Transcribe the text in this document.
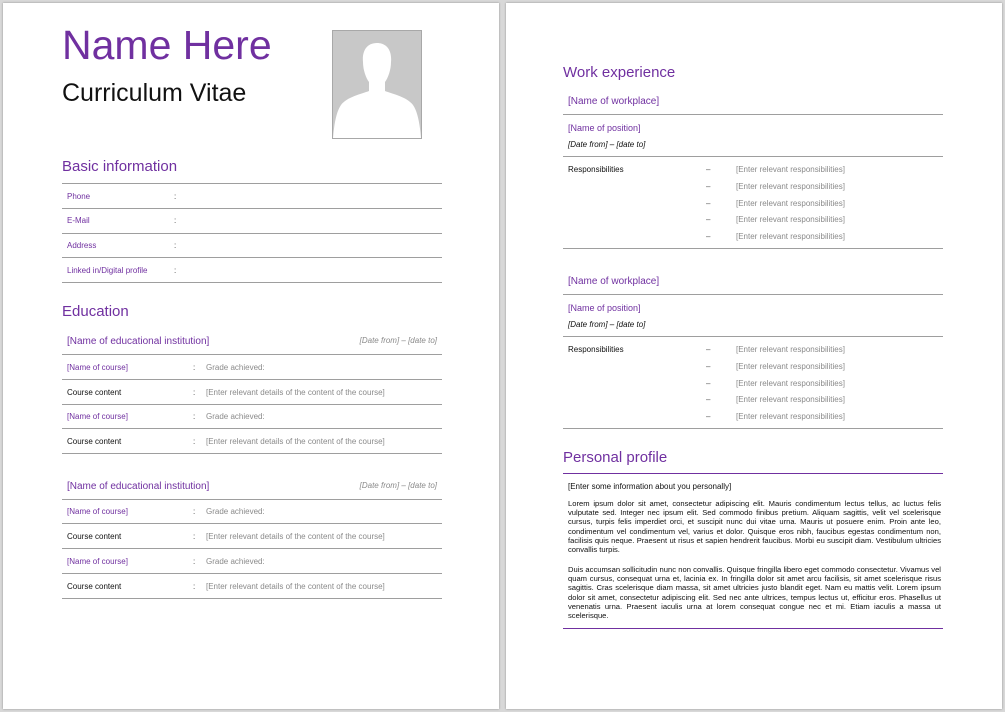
Name Here
Curriculum Vitae
Basic information
Phone	:
E-Mail	:
Address	:
Linked in/Digital profile	:
Education
[Name of educational institution]	[Date from] – [date to]
[Name of course]	: Grade achieved:
Course content	: [Enter relevant details of the content of the course]
[Name of course]	: Grade achieved:
Course content	: [Enter relevant details of the content of the course]
[Name of educational institution]	[Date from] – [date to]
[Name of course]	: Grade achieved:
Course content	: [Enter relevant details of the content of the course]
[Name of course]	: Grade achieved:
Course content	: [Enter relevant details of the content of the course]
Work experience
[Name of workplace]
[Name of position]
[Date from] – [date to]
Responsibilities	–	[Enter relevant responsibilities]
–	[Enter relevant responsibilities]
–	[Enter relevant responsibilities]
–	[Enter relevant responsibilities]
–	[Enter relevant responsibilities]
[Name of workplace]
[Name of position]
[Date from] – [date to]
Responsibilities	–	[Enter relevant responsibilities]
–	[Enter relevant responsibilities]
–	[Enter relevant responsibilities]
–	[Enter relevant responsibilities]
–	[Enter relevant responsibilities]
Personal profile
[Enter some information about you personally]
Lorem ipsum dolor sit amet, consectetur adipiscing elit. Mauris condimentum lectus tellus, ac luctus felis vulputate sed. Integer nec ipsum elit. Sed commodo finibus pretium. Aliquam sagittis, velit vel scelerisque cursus, turpis felis imperdiet orci, et suscipit nunc dui vitae urna. Mauris ut posuere enim. Proin ante leo, condimentum vel condimentum vel, varius et dolor. Quisque eros nibh, faucibus egestas condimentum non, facilisis quis neque. Praesent ut risus et sapien hendrerit faucibus. Morbi eu suscipit diam. Vestibulum ultricies convallis turpis.
Duis accumsan sollicitudin nunc non convallis. Quisque fringilla libero eget commodo consectetur. Vivamus vel quam cursus, consequat urna et, lacinia ex. In fringilla dolor sit amet arcu facilisis, sit amet scelerisque risus sagittis. Cras scelerisque diam massa, sit amet ultricies justo blandit eget. Nam eu mattis velit. Lorem ipsum dolor sit amet, consectetur adipiscing elit. Sed nec ante ultrices, tempus lectus ut, efficitur eros. Phasellus ut venenatis urna. Praesent iaculis urna at lorem consequat congue nec et mi. Etiam iaculis a massa ut scelerisque.
